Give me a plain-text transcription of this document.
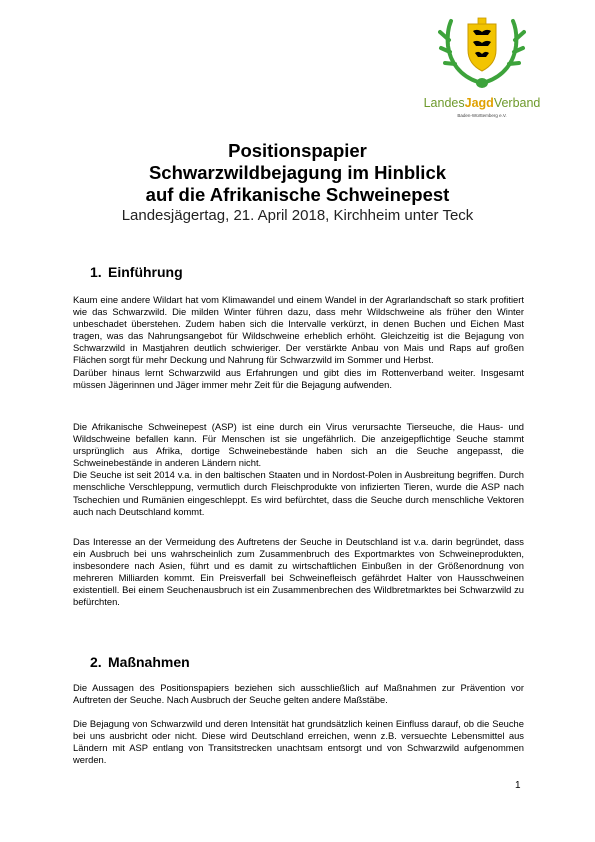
LandesJagdVerband
Baden-Württemberg e.V.
Positionspapier
Schwarzwildbejagung im Hinblick
auf die Afrikanische Schweinepest
Landesjägertag, 21. April 2018, Kirchheim unter Teck
1. Einführung

Kaum eine andere Wildart hat vom Klimawandel und einem Wandel in der Agrarlandschaft so stark profitiert wie das Schwarzwild. Die milden Winter führen dazu, dass mehr Wildschweine als früher den Winter unbeschadet überstehen. Zudem haben sich die Intervalle verkürzt, in denen Buchen und Eichen Mast tragen, was das Nahrungsangebot für Wildschweine erheblich erhöht. Gleichzeitig ist die Bejagung von Schwarzwild in Mastjahren deutlich schwieriger. Der verstärkte Anbau von Mais und Raps auf großen Flächen sorgt für mehr Deckung und Nahrung für Schwarzwild im Sommer und Herbst.
Darüber hinaus lernt Schwarzwild aus Erfahrungen und gibt dies im Rottenverband weiter. Insgesamt müssen Jägerinnen und Jäger immer mehr Zeit für die Bejagung aufwenden.

Die Afrikanische Schweinepest (ASP) ist eine durch ein Virus verursachte Tierseuche, die Haus- und Wildschweine befallen kann. Für Menschen ist sie ungefährlich. Die anzeigepflichtige Seuche stammt ursprünglich aus Afrika, dortige Schweinebestände haben sich an die Seuche angepasst, die Schweinebestände in anderen Ländern nicht.
Die Seuche ist seit 2014 v.a. in den baltischen Staaten und in Nordost-Polen in Ausbreitung begriffen. Durch menschliche Verschleppung, vermutlich durch Fleischprodukte von infizierten Tieren, wurde die ASP nach Tschechien und Rumänien eingeschleppt. Es wird befürchtet, dass die Seuche durch menschliche Vektoren auch nach Deutschland kommt.

Das Interesse an der Vermeidung des Auftretens der Seuche in Deutschland ist v.a. darin begründet, dass ein Ausbruch bei uns wahrscheinlich zum Zusammenbruch des Exportmarktes von Schweineprodukten, insbesondere nach Asien, führt und es damit zu wirtschaftlichen Einbußen in der Größenordnung von mehreren Milliarden kommt. Ein Preisverfall bei Schweinefleisch gefährdet Halter von Hausschweinen existentiell. Bei einem Seuchenausbruch ist ein Zusammenbrechen des Wildbretmarktes bei Schwarzwild zu befürchten.

2. Maßnahmen

Die Aussagen des Positionspapiers beziehen sich ausschließlich auf Maßnahmen zur Prävention vor Auftreten der Seuche. Nach Ausbruch der Seuche gelten andere Maßstäbe.

Die Bejagung von Schwarzwild und deren Intensität hat grundsätzlich keinen Einfluss darauf, ob die Seuche bei uns ausbricht oder nicht. Diese wird Deutschland erreichen, wenn z.B. versuechte Lebensmittel aus Ländern mit ASP entlang von Transitstrecken unachtsam entsorgt und von Schwarzwild aufgenommen werden.

1
